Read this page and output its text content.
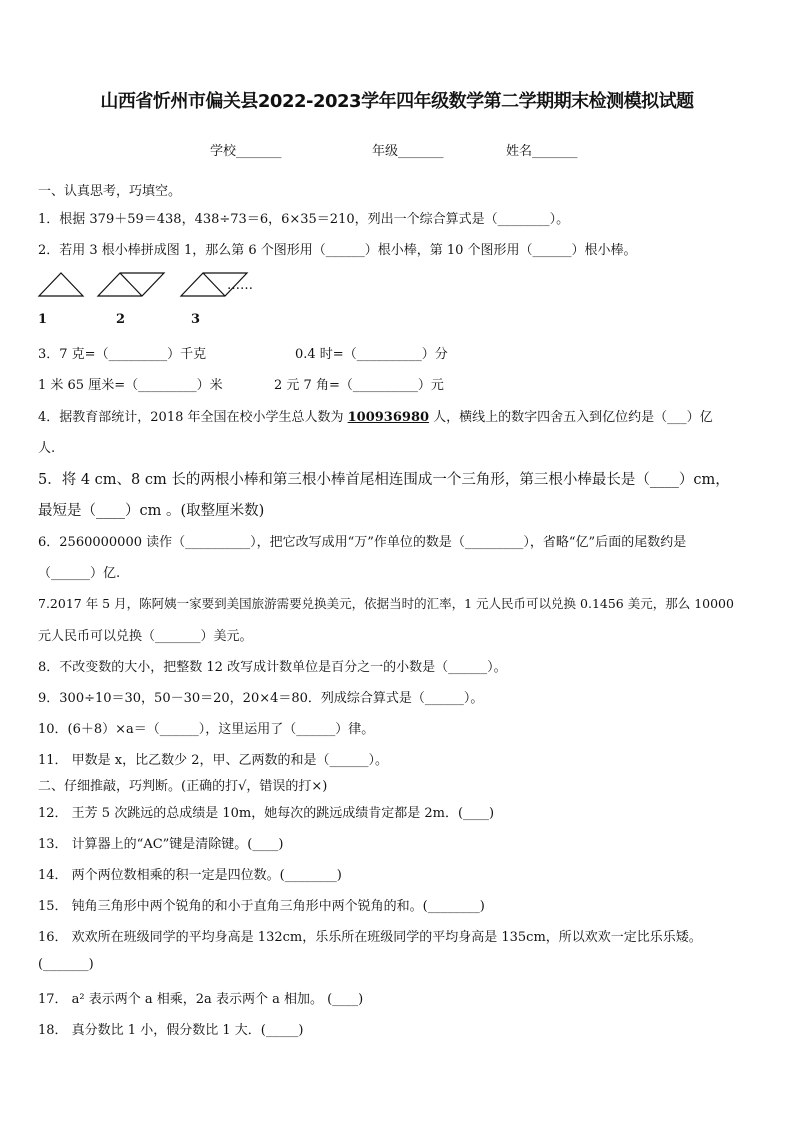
山西省忻州市偏关县2022-2023学年四年级数学第二学期期末检测模拟试题
学校_______	年级_______	姓名_______
一、认真思考，巧填空。
1．根据 379＋59＝438，438÷73＝6，6×35＝210，列出一个综合算式是（________）。
2．若用 3 根小棒拼成图 1，那么第 6 个图形用（______）根小棒，第 10 个图形用（______）根小棒。
……
1	2	3
3．7 克=（_________）千克	0.4 时=（__________）分
1 米 65 厘米=（_________）米	2 元 7 角=（__________）元
4．据教育部统计，2018 年全国在校小学生总人数为 100936980 人，横线上的数字四舍五入到亿位约是（___）亿
人.
5．将 4 cm、8 cm 长的两根小棒和第三根小棒首尾相连围成一个三角形，第三根小棒最长是（____）cm，
最短是（____）cm 。(取整厘米数)
6．2560000000 读作（__________），把它改写成用“万”作单位的数是（_________），省略“亿”后面的尾数约是
（______）亿.
7.2017 年 5 月，陈阿姨一家要到美国旅游需要兑换美元，依据当时的汇率，1 元人民币可以兑换 0.1456 美元，那么 10000
元人民币可以兑换（_______）美元。
8．不改变数的大小，把整数 12 改写成计数单位是百分之一的小数是（______）。
9．300÷10＝30，50－30＝20，20×4＝80．列成综合算式是（______）。
10．(6＋8）×a＝（______），这里运用了（______）律。
11． 甲数是 x，比乙数少 2，甲、乙两数的和是（______）。
二、仔细推敲，巧判断。(正确的打√，错误的打×)
12． 王芳 5 次跳远的总成绩是 10m，她每次的跳远成绩肯定都是 2m．(____)
13． 计算器上的“AC”键是清除键。(____)
14． 两个两位数相乘的积一定是四位数。(________)
15． 钝角三角形中两个锐角的和小于直角三角形中两个锐角的和。(________)
16． 欢欢所在班级同学的平均身高是 132cm，乐乐所在班级同学的平均身高是 135cm，所以欢欢一定比乐乐矮。
(_______)
17． a² 表示两个 a 相乘，2a 表示两个 a 相加。 (____)
18． 真分数比 1 小，假分数比 1 大．(_____)
